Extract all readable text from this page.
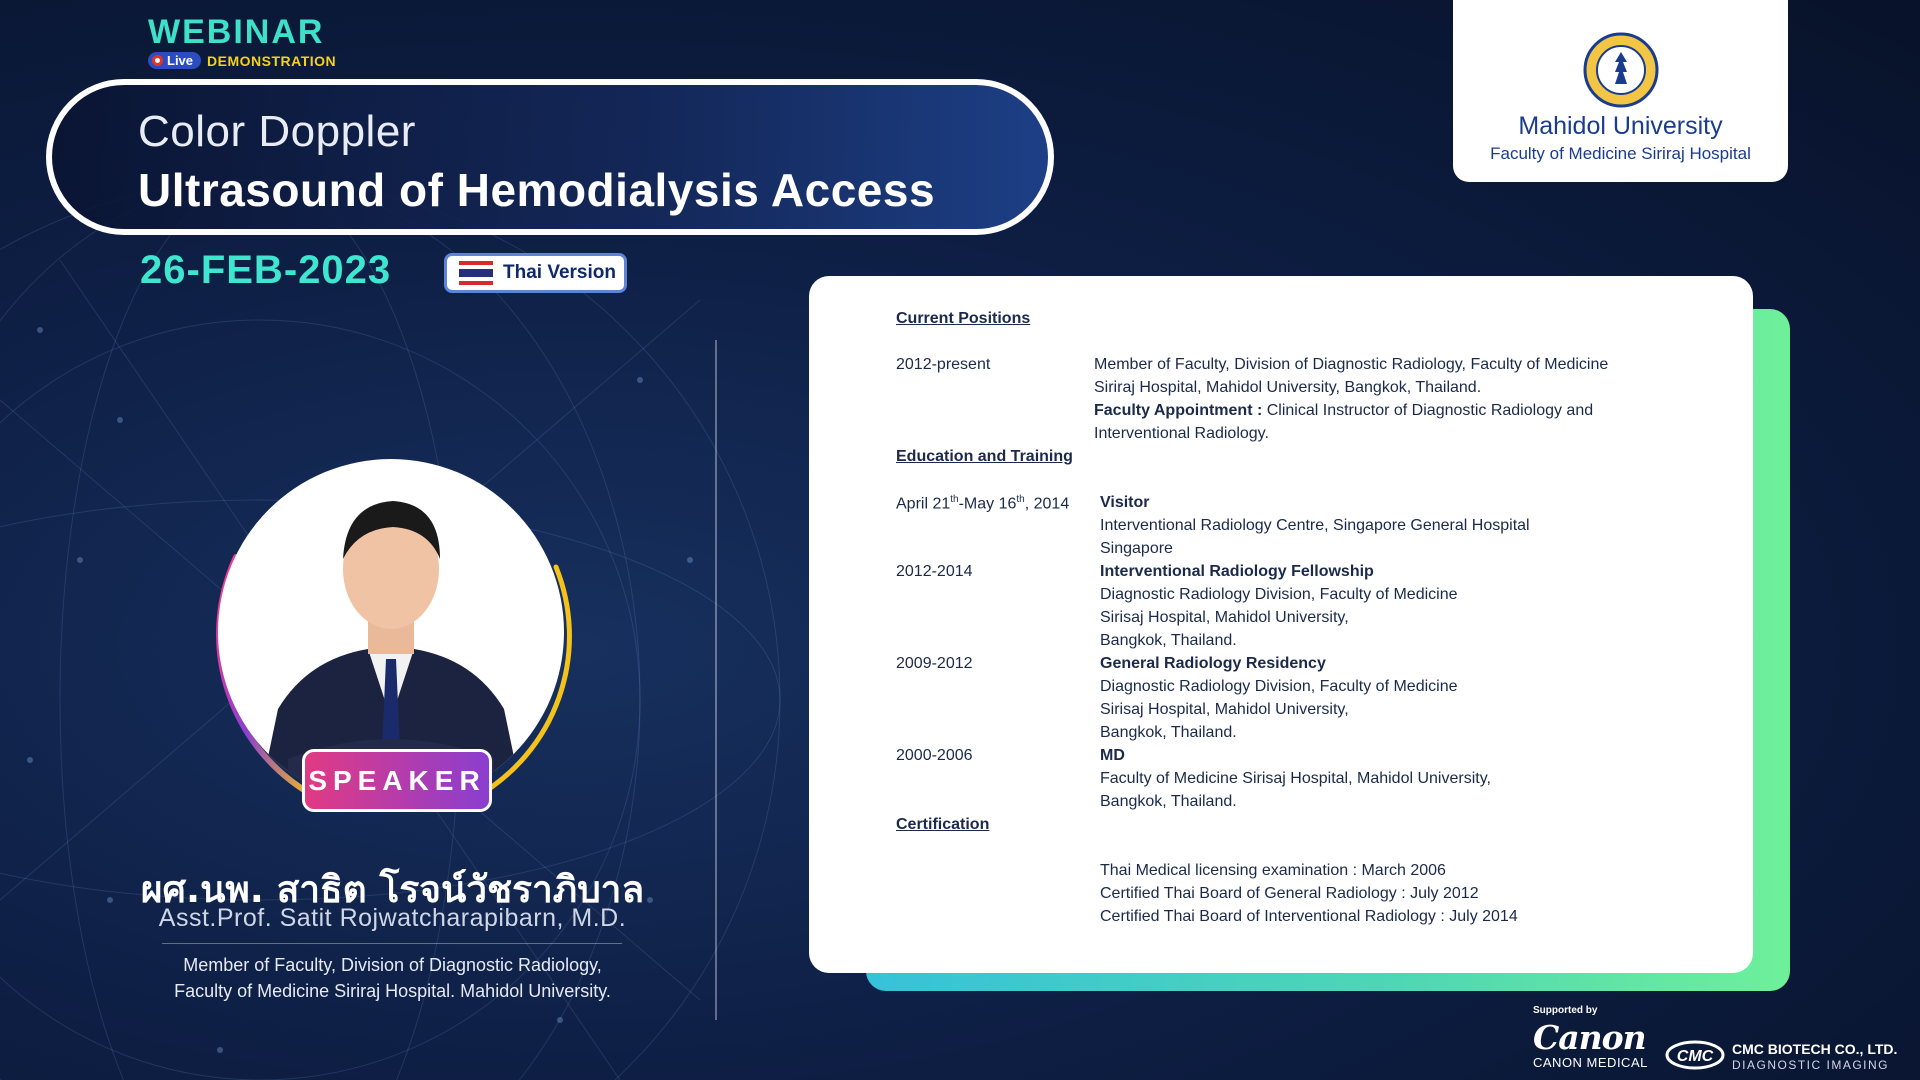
WEBINAR
Live DEMONSTRATION
Color Doppler
Ultrasound of Hemodialysis Access
26-FEB-2023	Thai Version
Mahidol University
Faculty of Medicine Siriraj Hospital
SPEAKER
ผศ.นพ. สาธิต โรจน์วัชราภิบาล
Asst.Prof. Satit Rojwatcharapibarn, M.D.
Member of Faculty, Division of Diagnostic Radiology,
Faculty of Medicine Siriraj Hospital. Mahidol University.
Current Positions
2012-present	Member of Faculty, Division of Diagnostic Radiology, Faculty of Medicine
Siriraj Hospital, Mahidol University, Bangkok, Thailand.
Faculty Appointment : Clinical Instructor of Diagnostic Radiology and
Interventional Radiology.
Education and Training
April 21th-May 16th, 2014 Visitor
Interventional Radiology Centre, Singapore General Hospital
Singapore
2012-2014	Interventional Radiology Fellowship
Diagnostic Radiology Division, Faculty of Medicine
Sirisaj Hospital, Mahidol University,
Bangkok, Thailand.
2009-2012	General Radiology Residency
Diagnostic Radiology Division, Faculty of Medicine
Sirisaj Hospital, Mahidol University,
Bangkok, Thailand.
2000-2006	MD
Faculty of Medicine Sirisaj Hospital, Mahidol University,
Bangkok, Thailand.
Certification
Thai Medical licensing examination : March 2006
Certified Thai Board of General Radiology : July 2012
Certified Thai Board of Interventional Radiology : July 2014
Supported by
Canon
CANON MEDICAL CMC CMC BIOTECH CO., LTD.
DIAGNOSTIC IMAGING
